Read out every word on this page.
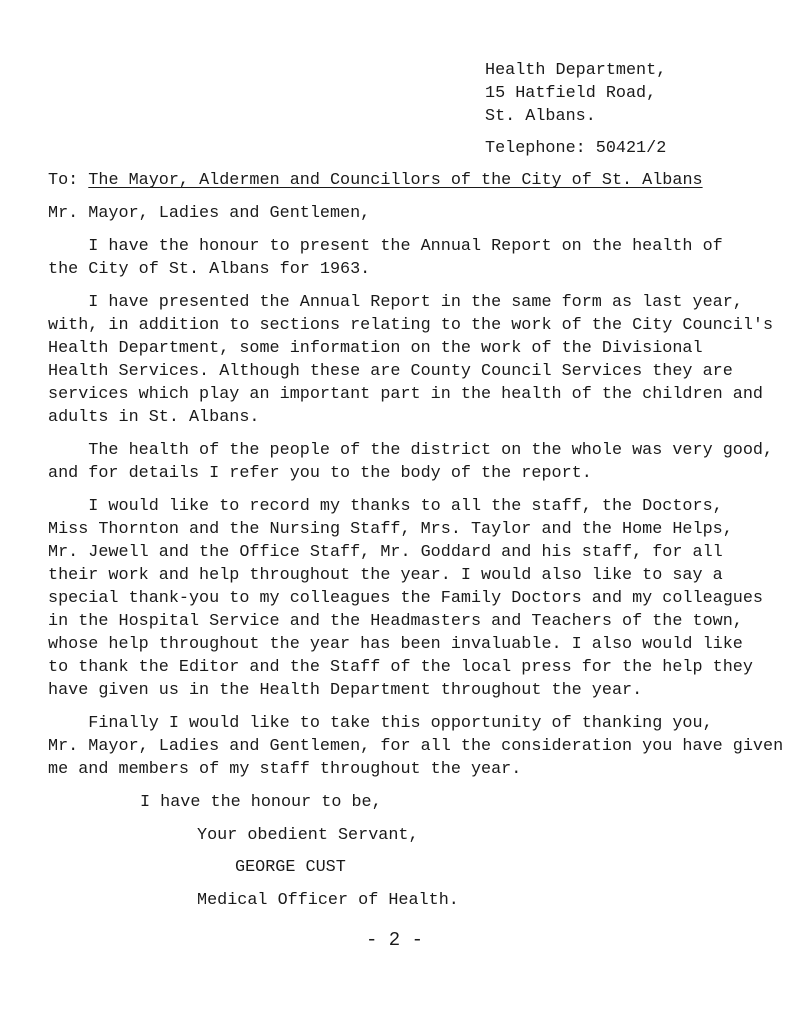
Health Department,
15 Hatfield Road,
St. Albans.
Telephone: 50421/2
To: The Mayor, Aldermen and Councillors of the City of St. Albans
Mr. Mayor, Ladies and Gentlemen,
I have the honour to present the Annual Report on the health of
the City of St. Albans for 1963.
I have presented the Annual Report in the same form as last year,
with, in addition to sections relating to the work of the City Council's
Health Department, some information on the work of the Divisional
Health Services. Although these are County Council Services they are
services which play an important part in the health of the children and
adults in St. Albans.
The health of the people of the district on the whole was very good,
and for details I refer you to the body of the report.
I would like to record my thanks to all the staff, the Doctors,
Miss Thornton and the Nursing Staff, Mrs. Taylor and the Home Helps,
Mr. Jewell and the Office Staff, Mr. Goddard and his staff, for all
their work and help throughout the year. I would also like to say a
special thank-you to my colleagues the Family Doctors and my colleagues
in the Hospital Service and the Headmasters and Teachers of the town,
whose help throughout the year has been invaluable. I also would like
to thank the Editor and the Staff of the local press for the help they
have given us in the Health Department throughout the year.
Finally I would like to take this opportunity of thanking you,
Mr. Mayor, Ladies and Gentlemen, for all the consideration you have given
me and members of my staff throughout the year.
I have the honour to be,
Your obedient Servant,
GEORGE CUST
Medical Officer of Health.
- 2 -
